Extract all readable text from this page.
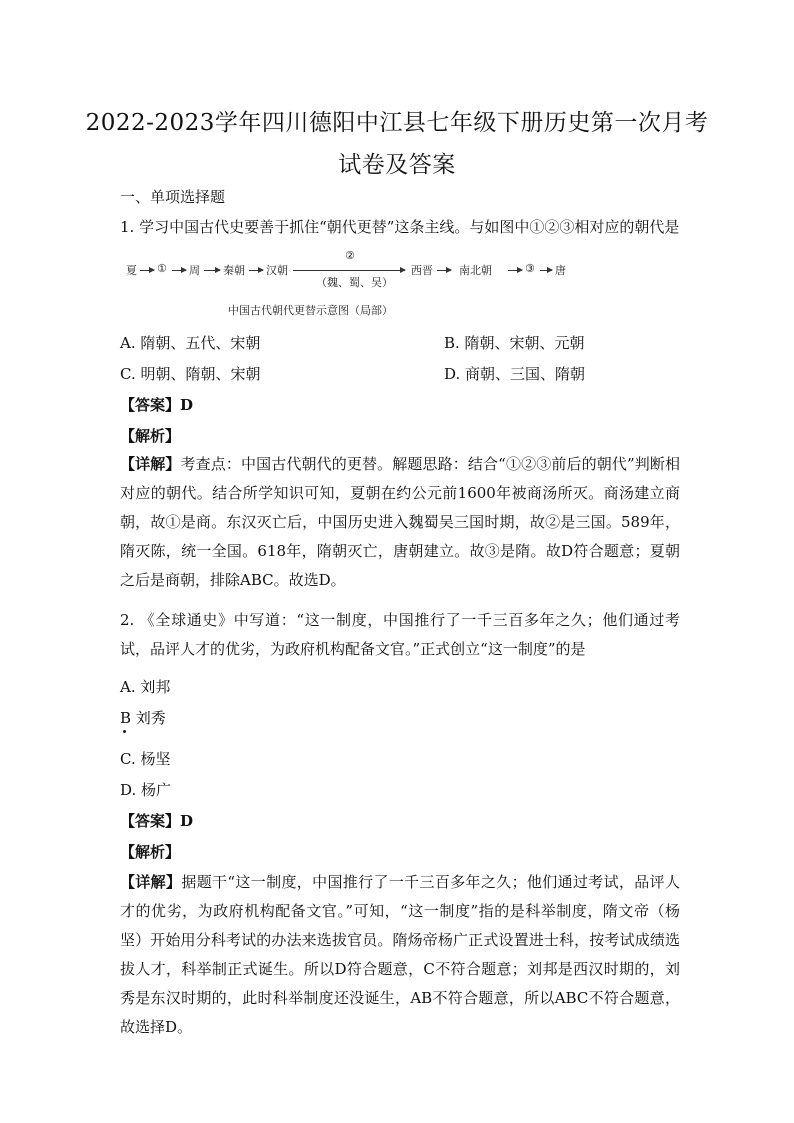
2022-2023学年四川德阳中江县七年级下册历史第一次月考
试卷及答案
一、单项选择题
1. 学习中国古代史要善于抓住“朝代更替”这条主线。与如图中①②③相对应的朝代是
夏 ① 周 秦朝 汉朝
②
（魏、蜀、吴）
西晋 南北朝	③ 唐
中国古代朝代更替示意图（局部）
A. 隋朝、五代、宋朝	B. 隋朝、宋朝、元朝
C. 明朝、隋朝、宋朝	D. 商朝、三国、隋朝
【答案】D
【解析】
【详解】考查点：中国古代朝代的更替。解题思路：结合“①②③前后的朝代”判断相对应的朝代。结合所学知识可知，夏朝在约公元前1600年被商汤所灭。商汤建立商朝，故①是商。东汉灭亡后，中国历史进入魏蜀吴三国时期，故②是三国。589年，隋灭陈，统一全国。618年，隋朝灭亡，唐朝建立。故③是隋。故D符合题意；夏朝之后是商朝，排除ABC。故选D。
2. 《全球通史》中写道：“这一制度，中国推行了一千三百多年之久；他们通过考试，品评人才的优劣，为政府机构配备文官。”正式创立“这一制度”的是
A. 刘邦
B 刘秀
C. 杨坚
D. 杨广
【答案】D
【解析】
【详解】据题干“这一制度，中国推行了一千三百多年之久；他们通过考试，品评人才的优劣，为政府机构配备文官。”可知，“这一制度”指的是科举制度，隋文帝（杨坚）开始用分科考试的办法来选拔官员。隋炀帝杨广正式设置进士科，按考试成绩选拔人才，科举制正式诞生。所以D符合题意，C不符合题意；刘邦是西汉时期的，刘秀是东汉时期的，此时科举制度还没诞生，AB不符合题意，所以ABC不符合题意，故选择D。
